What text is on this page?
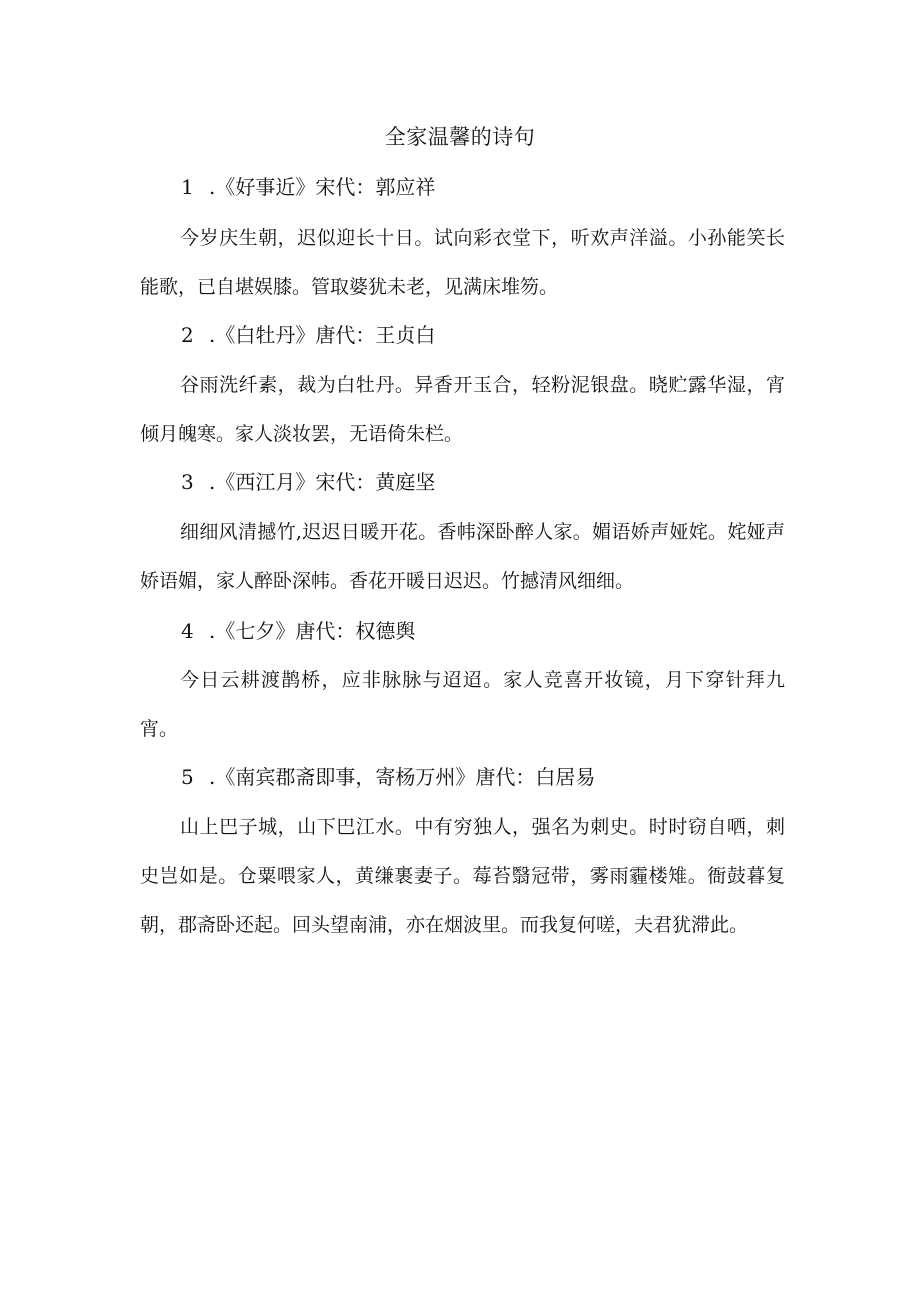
全家温馨的诗句
1 .《好事近》宋代：郭应祥

今岁庆生朝，迟似迎长十日。试向彩衣堂下，听欢声洋溢。小孙能笑长能歌，已自堪娱膝。管取婆犹未老，见满床堆笏。

2 .《白牡丹》唐代：王贞白

谷雨洗纤素，裁为白牡丹。异香开玉合，轻粉泥银盘。晓贮露华湿，宵倾月魄寒。家人淡妆罢，无语倚朱栏。

3 .《西江月》宋代：黄庭坚

细细风清撼竹,迟迟日暖开花。香帏深卧醉人家。媚语娇声娅姹。姹娅声娇语媚，家人醉卧深帏。香花开暖日迟迟。竹撼清风细细。

4 .《七夕》唐代：权德舆

今日云耕渡鹊桥，应非脉脉与迢迢。家人竞喜开妆镜，月下穿针拜九宵。

5 .《南宾郡斋即事，寄杨万州》唐代：白居易

山上巴子城，山下巴江水。中有穷独人，强名为刺史。时时窃自哂，刺史岂如是。仓粟喂家人，黄缣裹妻子。莓苔翳冠带，雾雨霾楼雉。衙鼓暮复朝，郡斋卧还起。回头望南浦，亦在烟波里。而我复何嗟，夫君犹滞此。
